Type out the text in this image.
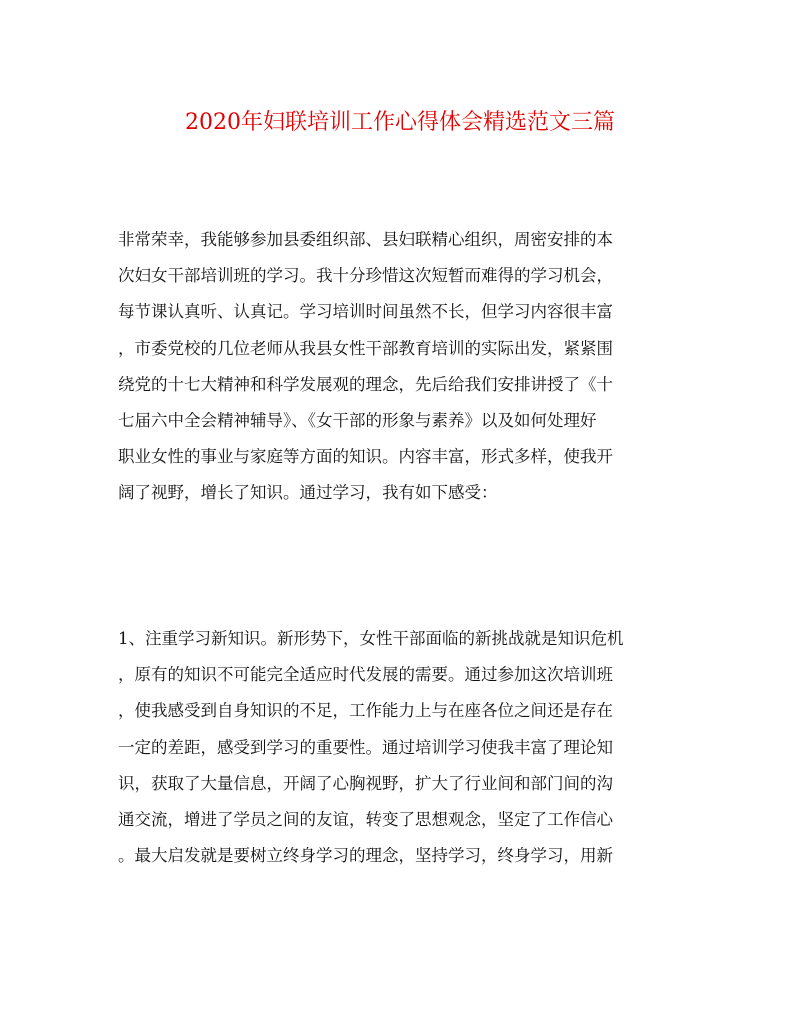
2020年妇联培训工作心得体会精选范文三篇
非常荣幸，我能够参加县委组织部、县妇联精心组织，周密安排的本
次妇女干部培训班的学习。我十分珍惜这次短暂而难得的学习机会，
每节课认真听、认真记。学习培训时间虽然不长，但学习内容很丰富
，市委党校的几位老师从我县女性干部教育培训的实际出发，紧紧围
绕党的十七大精神和科学发展观的理念，先后给我们安排讲授了《十
七届六中全会精神辅导》、《女干部的形象与素养》以及如何处理好
职业女性的事业与家庭等方面的知识。内容丰富，形式多样，使我开
阔了视野，增长了知识。通过学习，我有如下感受：
1、注重学习新知识。新形势下，女性干部面临的新挑战就是知识危机
，原有的知识不可能完全适应时代发展的需要。通过参加这次培训班
，使我感受到自身知识的不足，工作能力上与在座各位之间还是存在
一定的差距，感受到学习的重要性。通过培训学习使我丰富了理论知
识，获取了大量信息，开阔了心胸视野，扩大了行业间和部门间的沟
通交流，增进了学员之间的友谊，转变了思想观念，坚定了工作信心
。最大启发就是要树立终身学习的理念，坚持学习，终身学习，用新
